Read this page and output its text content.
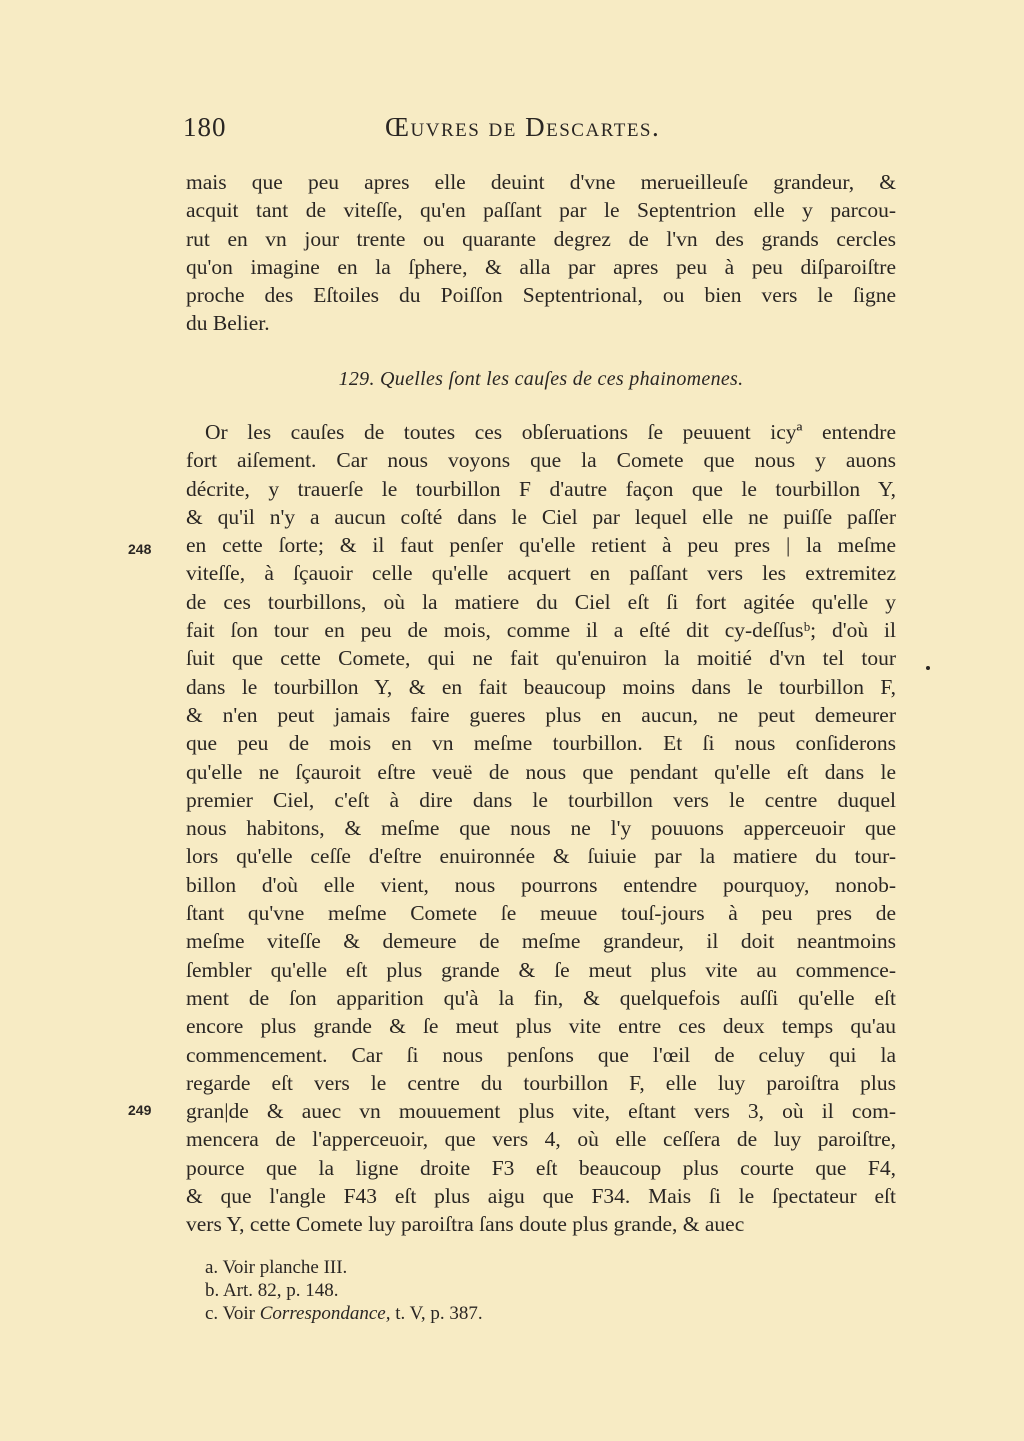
180	Œuvres de Descartes.
mais que peu apres elle deuint d'vne merueilleuſe grandeur, &
acquit tant de viteſſe, qu'en paſſant par le Septentrion elle y parcou-
rut en vn jour trente ou quarante degrez de l'vn des grands cercles
qu'on imagine en la ſphere, & alla par apres peu à peu diſparoiſtre
proche des Eſtoiles du Poiſſon Septentrional, ou bien vers le ſigne
du Belier.
129. Quelles ſont les cauſes de ces phainomenes.
Or les cauſes de toutes ces obſeruations ſe peuuent icyª entendre
fort aiſement. Car nous voyons que la Comete que nous y auons
décrite, y trauerſe le tourbillon F d'autre façon que le tourbillon Y,
& qu'il n'y a aucun coſté dans le Ciel par lequel elle ne puiſſe paſſer
en cette ſorte; & il faut penſer qu'elle retient à peu pres | la meſme
viteſſe, à ſçauoir celle qu'elle acquert en paſſant vers les extremitez
de ces tourbillons, où la matiere du Ciel eſt ſi fort agitée qu'elle y
fait ſon tour en peu de mois, comme il a eſté dit cy-deſſusᵇ; d'où il
ſuit que cette Comete, qui ne fait qu'enuiron la moitié d'vn tel tour
dans le tourbillon Y, & en fait beaucoup moins dans le tourbillon F,
& n'en peut jamais faire gueres plus en aucun, ne peut demeurer
que peu de mois en vn meſme tourbillon. Et ſi nous conſiderons
qu'elle ne ſçauroit eſtre veuë de nous que pendant qu'elle eſt dans le
premier Ciel, c'eſt à dire dans le tourbillon vers le centre duquel
nous habitons, & meſme que nous ne l'y pouuons apperceuoir que
lors qu'elle ceſſe d'eſtre enuironnée & ſuiuie par la matiere du tour-
billon d'où elle vient, nous pourrons entendre pourquoy, nonob-
ſtant qu'vne meſme Comete ſe meuue touſ-jours à peu pres de
meſme viteſſe & demeure de meſme grandeur, il doit neantmoins
ſembler qu'elle eſt plus grande & ſe meut plus vite au commence-
ment de ſon apparition qu'à la fin, & quelquefois auſſi qu'elle eſt
encore plus grande & ſe meut plus vite entre ces deux temps qu'au
commencement. Car ſi nous penſons que l'œil de celuy qui la
regarde eſt vers le centre du tourbillon F, elle luy paroiſtra plus
gran|de & auec vn mouuement plus vite, eſtant vers 3, où il com-
mencera de l'apperceuoir, que vers 4, où elle ceſſera de luy paroiſtre,
pource que la ligne droite F3 eſt beaucoup plus courte que F4,
& que l'angle F43 eſt plus aigu que F34. Mais ſi le ſpectateur eſt
vers Y, cette Comete luy paroiſtra ſans doute plus grande, & auec
248
249
a. Voir planche III.
b. Art. 82, p. 148.
c. Voir Correspondance, t. V, p. 387.
